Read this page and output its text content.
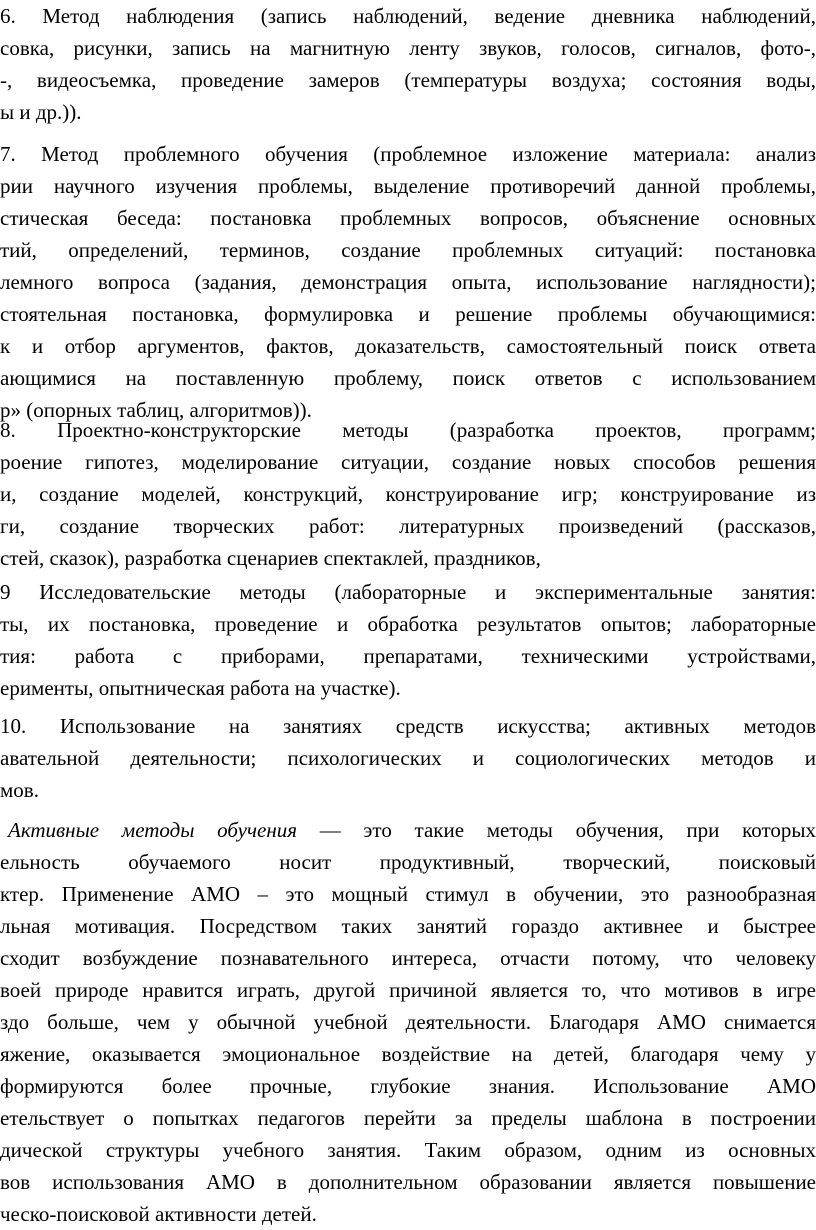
6. Метод наблюдения (запись наблюдений, ведение дневника наблюдений,
совка, рисунки, запись на магнитную ленту звуков, голосов, сигналов, фото-,
-, видеосъемка, проведение замеров (температуры воздуха; состояния воды,
ы и др.)).
7. Метод проблемного обучения (проблемное изложение материала: анализ
рии научного изучения проблемы, выделение противоречий данной проблемы,
стическая беседа: постановка проблемных вопросов, объяснение основных
тий, определений, терминов, создание проблемных ситуаций: постановка
лемного вопроса (задания, демонстрация опыта, использование наглядности);
стоятельная постановка, формулировка и решение проблемы обучающимися:
к и отбор аргументов, фактов, доказательств, самостоятельный поиск ответа
ающимися на поставленную проблему, поиск ответов с использованием
р» (опорных таблиц, алгоритмов)).
8. Проектно-конструкторские методы (разработка проектов, программ;
роение гипотез, моделирование ситуации, создание новых способов решения
и, создание моделей, конструкций, конструирование игр; конструирование из
ги, создание творческих работ: литературных произведений (рассказов,
стей, сказок), разработка сценариев спектаклей, праздников,
9 Исследовательские методы (лабораторные и экспериментальные занятия:
ты, их постановка, проведение и обработка результатов опытов; лабораторные
тия: работа с приборами, препаратами, техническими устройствами,
ерименты, опытническая работа на участке).
10. Использование на занятиях средств искусства; активных методов
авательной деятельности; психологических и социологических методов и
мов.
Активные методы обучения — это такие методы обучения, при которых
ельность обучаемого носит продуктивный, творческий, поисковый
ктер. Применение АМО – это мощный стимул в обучении, это разнообразная
льная мотивация. Посредством таких занятий гораздо активнее и быстрее
сходит возбуждение познавательного интереса, отчасти потому, что человеку
воей природе нравится играть, другой причиной является то, что мотивов в игре
здо больше, чем у обычной учебной деятельности. Благодаря АМО снимается
яжение, оказывается эмоциональное воздействие на детей, благодаря чему у
формируются более прочные, глубокие знания. Использование АМО
етельствует о попытках педагогов перейти за пределы шаблона в построении
дической структуры учебного занятия. Таким образом, одним из основных
вов использования АМО в дополнительном образовании является повышение
ческо-поисковой активности детей.
